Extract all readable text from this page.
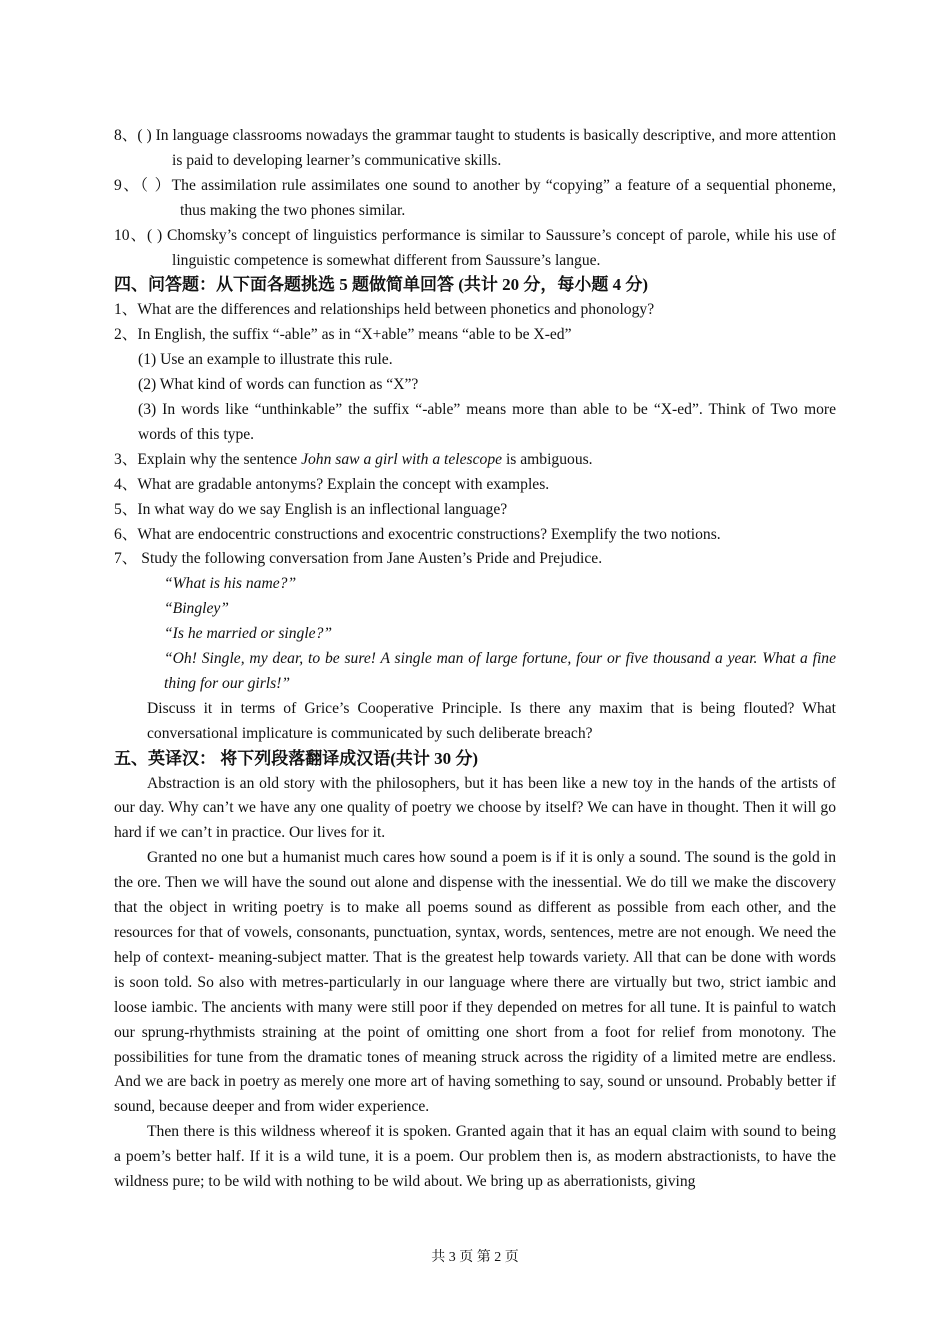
8、( ) In language classrooms nowadays the grammar taught to students is basically descriptive, and more attention is paid to developing learner’s communicative skills.
9、（ ）The assimilation rule assimilates one sound to another by “copying” a feature of a sequential phoneme, thus making the two phones similar.
10、( ) Chomsky’s concept of linguistics performance is similar to Saussure’s concept of parole, while his use of linguistic competence is somewhat different from Saussure’s langue.
四、问答题：从下面各题挑选 5 题做简单回答 (共计 20 分，每小题 4 分)
1、What are the differences and relationships held between phonetics and phonology?
2、In English, the suffix “-able” as in “X+able” means “able to be X-ed”
(1) Use an example to illustrate this rule.
(2) What kind of words can function as “X”?
(3) In words like “unthinkable” the suffix “-able” means more than able to be “X-ed”. Think of Two more words of this type.
3、Explain why the sentence John saw a girl with a telescope is ambiguous.
4、What are gradable antonyms? Explain the concept with examples.
5、In what way do we say English is an inflectional language?
6、What are endocentric constructions and exocentric constructions? Exemplify the two notions.
7、 Study the following conversation from Jane Austen’s Pride and Prejudice.
“What is his name?”
“Bingley”
“Is he married or single?”
“Oh! Single, my dear, to be sure! A single man of large fortune, four or five thousand a year. What a fine thing for our girls!”
Discuss it in terms of Grice’s Cooperative Principle. Is there any maxim that is being flouted? What conversational implicature is communicated by such deliberate breach?
五、英译汉： 将下列段落翻译成汉语(共计 30 分)
Abstraction is an old story with the philosophers, but it has been like a new toy in the hands of the artists of our day. Why can’t we have any one quality of poetry we choose by itself? We can have in thought. Then it will go hard if we can’t in practice. Our lives for it.
Granted no one but a humanist much cares how sound a poem is if it is only a sound. The sound is the gold in the ore. Then we will have the sound out alone and dispense with the inessential. We do till we make the discovery that the object in writing poetry is to make all poems sound as different as possible from each other, and the resources for that of vowels, consonants, punctuation, syntax, words, sentences, metre are not enough. We need the help of context- meaning-subject matter. That is the greatest help towards variety. All that can be done with words is soon told. So also with metres-particularly in our language where there are virtually but two, strict iambic and loose iambic. The ancients with many were still poor if they depended on metres for all tune. It is painful to watch our sprung-rhythmists straining at the point of omitting one short from a foot for relief from monotony. The possibilities for tune from the dramatic tones of meaning struck across the rigidity of a limited metre are endless. And we are back in poetry as merely one more art of having something to say, sound or unsound. Probably better if sound, because deeper and from wider experience.
Then there is this wildness whereof it is spoken. Granted again that it has an equal claim with sound to being a poem’s better half. If it is a wild tune, it is a poem. Our problem then is, as modern abstractionists, to have the wildness pure; to be wild with nothing to be wild about. We bring up as aberrationists, giving
共 3 页 第 2 页
